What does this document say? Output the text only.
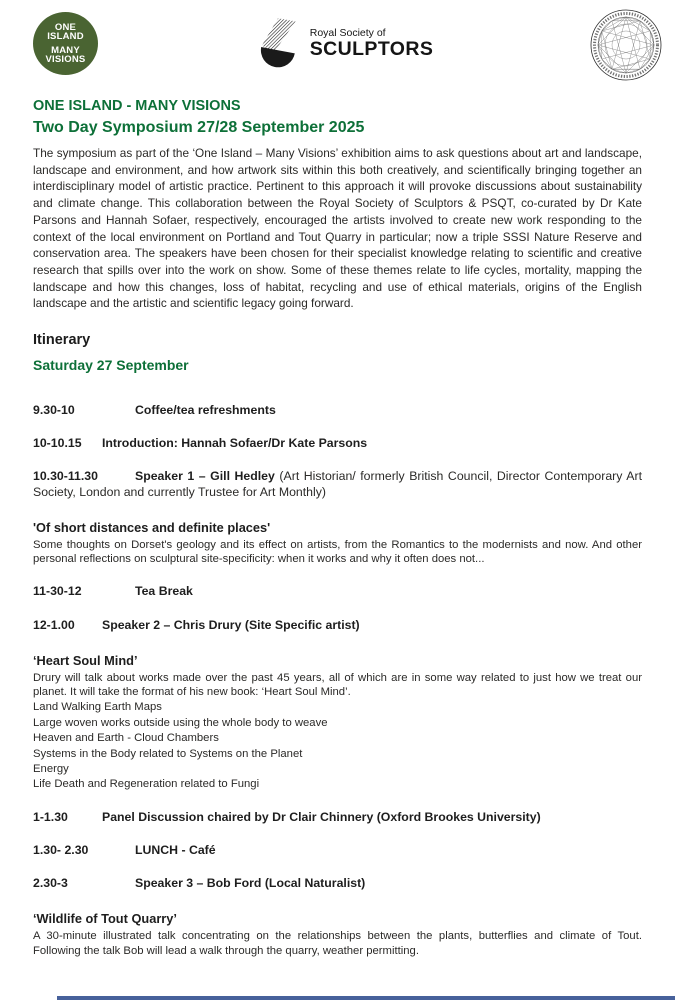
ONE
ISLAND
MANY
VISIONS
Royal Society of
SCULPTORS
ONE ISLAND - MANY VISIONS
Two Day Symposium 27/28 September 2025

The symposium as part of the ‘One Island – Many Visions’ exhibition aims to ask questions about art and landscape, landscape and environment, and how artwork sits within this both creatively, and scientifically bringing together an interdisciplinary model of artistic practice. Pertinent to this approach it will provoke discussions about sustainability and climate change. This collaboration between the Royal Society of Sculptors & PSQT, co-curated by Dr Kate Parsons and Hannah Sofaer, respectively, encouraged the artists involved to create new work responding to the context of the local environment on Portland and Tout Quarry in particular; now a triple SSSI Nature Reserve and conservation area. The speakers have been chosen for their specialist knowledge relating to scientific and creative research that spills over into the work on show. Some of these themes relate to life cycles, mortality, mapping the landscape and how this changes, loss of habitat, recycling and use of ethical materials, origins of the English landscape and the artistic and scientific legacy going forward.

Itinerary
Saturday 27 September

9.30-10	Coffee/tea refreshments

10-10.15 Introduction: Hannah Sofaer/Dr Kate Parsons

10.30-11.30	Speaker 1 – Gill Hedley (Art Historian/ formerly British Council, Director Contemporary Art Society, London and currently Trustee for Art Monthly)

'Of short distances and definite places'
Some thoughts on Dorset's geology and its effect on artists, from the Romantics to the modernists and now. And other personal reflections on sculptural site-specificity: when it works and why it often does not...

11-30-12	Tea Break

12-1.00 Speaker 2 – Chris Drury (Site Specific artist)

‘Heart Soul Mind’
Drury will talk about works made over the past 45 years, all of which are in some way related to just how we treat our planet. It will take the format of his new book: ‘Heart Soul Mind’.
Land Walking Earth Maps
Large woven works outside using the whole body to weave
Heaven and Earth - Cloud Chambers
Systems in the Body related to Systems on the Planet
Energy
Life Death and Regeneration related to Fungi

1-1.30	Panel Discussion chaired by Dr Clair Chinnery (Oxford Brookes University)

1.30- 2.30	LUNCH - Café

2.30-3	Speaker 3 – Bob Ford (Local Naturalist)

‘Wildlife of Tout Quarry’
A 30-minute illustrated talk concentrating on the relationships between the plants, butterflies and climate of Tout. Following the talk Bob will lead a walk through the quarry, weather permitting.
